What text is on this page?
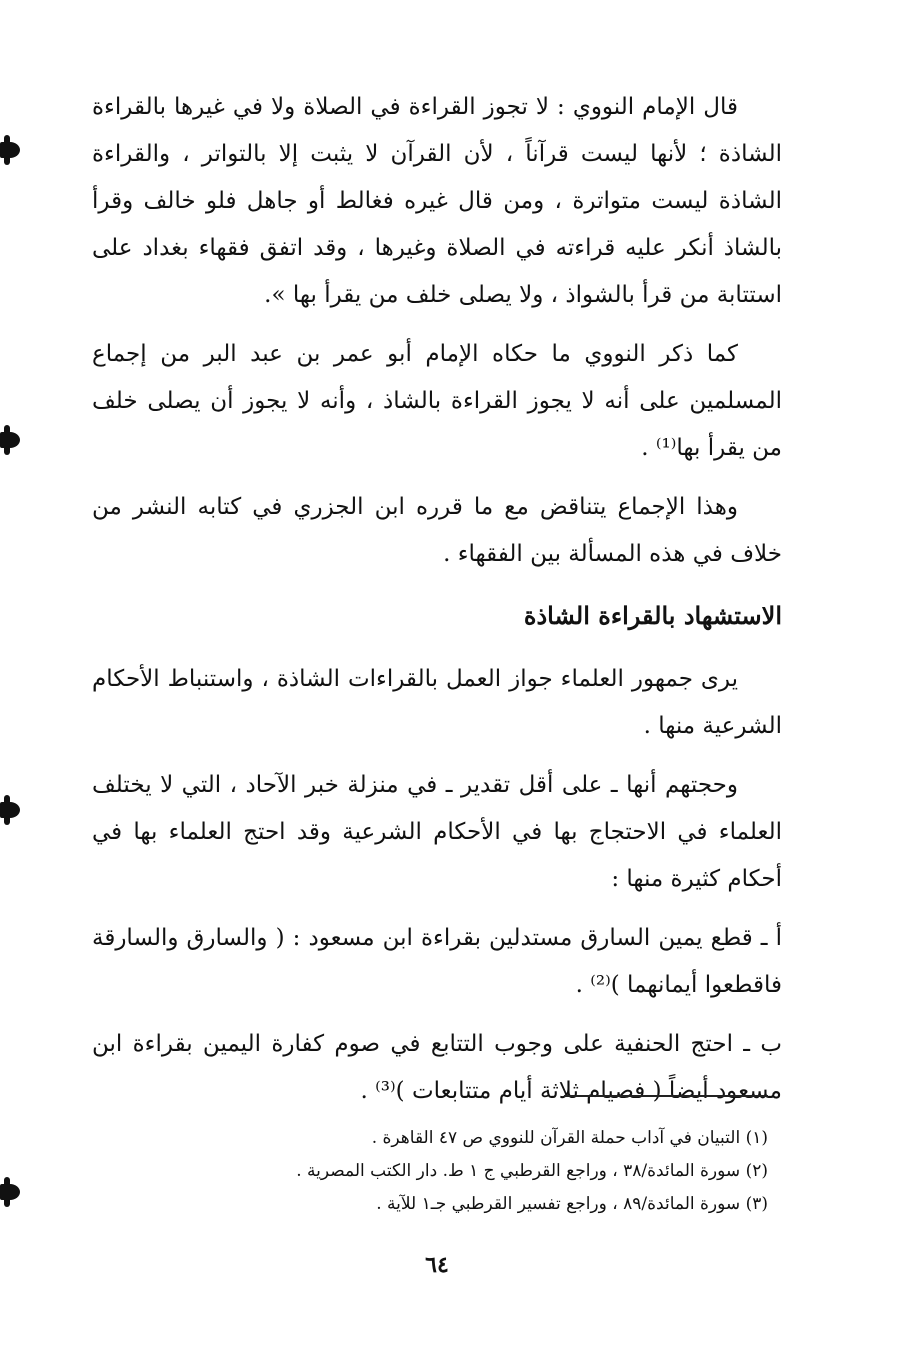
قال الإمام النووي : لا تجوز القراءة في الصلاة ولا في غيرها بالقراءة الشاذة ؛ لأنها ليست قرآناً ، لأن القرآن لا يثبت إلا بالتواتر ، والقراءة الشاذة ليست متواترة ، ومن قال غيره فغالط أو جاهل فلو خالف وقرأ بالشاذ أنكر عليه قراءته في الصلاة وغيرها ، وقد اتفق فقهاء بغداد على استتابة من قرأ بالشواذ ، ولا يصلى خلف من يقرأ بها ».

كما ذكر النووي ما حكاه الإمام أبو عمر بن عبد البر من إجماع المسلمين على أنه لا يجوز القراءة بالشاذ ، وأنه لا يجوز أن يصلى خلف من يقرأ بها⁽¹⁾ .

وهذا الإجماع يتناقض مع ما قرره ابن الجزري في كتابه النشر من خلاف في هذه المسألة بين الفقهاء .

الاستشهاد بالقراءة الشاذة

يرى جمهور العلماء جواز العمل بالقراءات الشاذة ، واستنباط الأحكام الشرعية منها .

وحجتهم أنها ـ على أقل تقدير ـ في منزلة خبر الآحاد ، التي لا يختلف العلماء في الاحتجاج بها في الأحكام الشرعية وقد احتج العلماء بها في أحكام كثيرة منها :

أ ـ قطع يمين السارق مستدلين بقراءة ابن مسعود : ( والسارق والسارقة فاقطعوا أيمانهما )⁽²⁾ .

ب ـ احتج الحنفية على وجوب التتابع في صوم كفارة اليمين بقراءة ابن مسعود أيضاً ( فصيام ثلاثة أيام متتابعات )⁽³⁾ .

(١) التبيان في آداب حملة القرآن للنووي ص ٤٧ القاهرة .

(٢) سورة المائدة/٣٨ ، وراجع القرطبي ج ١ ط. دار الكتب المصرية .

(٣) سورة المائدة/٨٩ ، وراجع تفسير القرطبي جـ١ للآية .

٦٤
